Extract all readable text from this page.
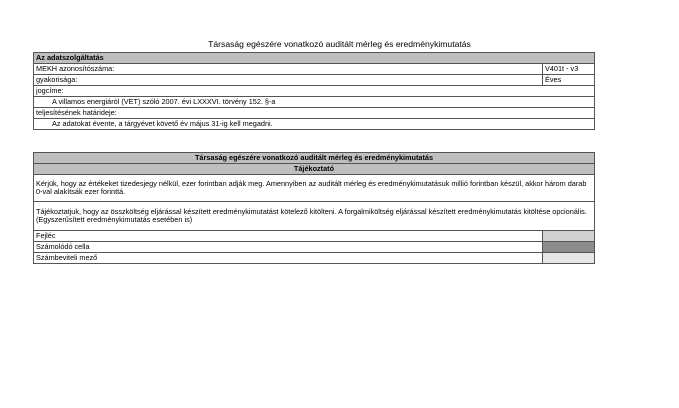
Társaság egészére vonatkozó auditált mérleg és eredménykimutatás
Az adatszolgáltatás	
MEKH azonosítószáma:	V401t - v3
gyakorisága:	Éves
jogcíme:	
A villamos energiáról (VET) szóló 2007. évi LXXXVI. törvény 152. §-a	
teljesítésének határideje:	
Az adatokat évente, a tárgyévet követő év május 31-ig kell megadni.	
Társaság egészére vonatkozó auditált mérleg és eredménykimutatás	
Tájékoztató	
Kérjük, hogy az értékeket tizedesjegy nélkül, ezer forintban adják meg. Amennyiben az auditált mérleg és eredménykimutatásuk millió forintban készül, akkor három darab 0-val alakítsák ezer forinttá.	
Tájékoztatjuk, hogy az összköltség eljárással készített eredménykimutatást kötelező kitölteni. A forgalmiköltség eljárással készített eredménykimutatás kitöltése opcionális. (Egyszerűsített eredménykimutatás esetében is)	
Fejléc	
Számolódó cella	
Számbeviteli mező	
